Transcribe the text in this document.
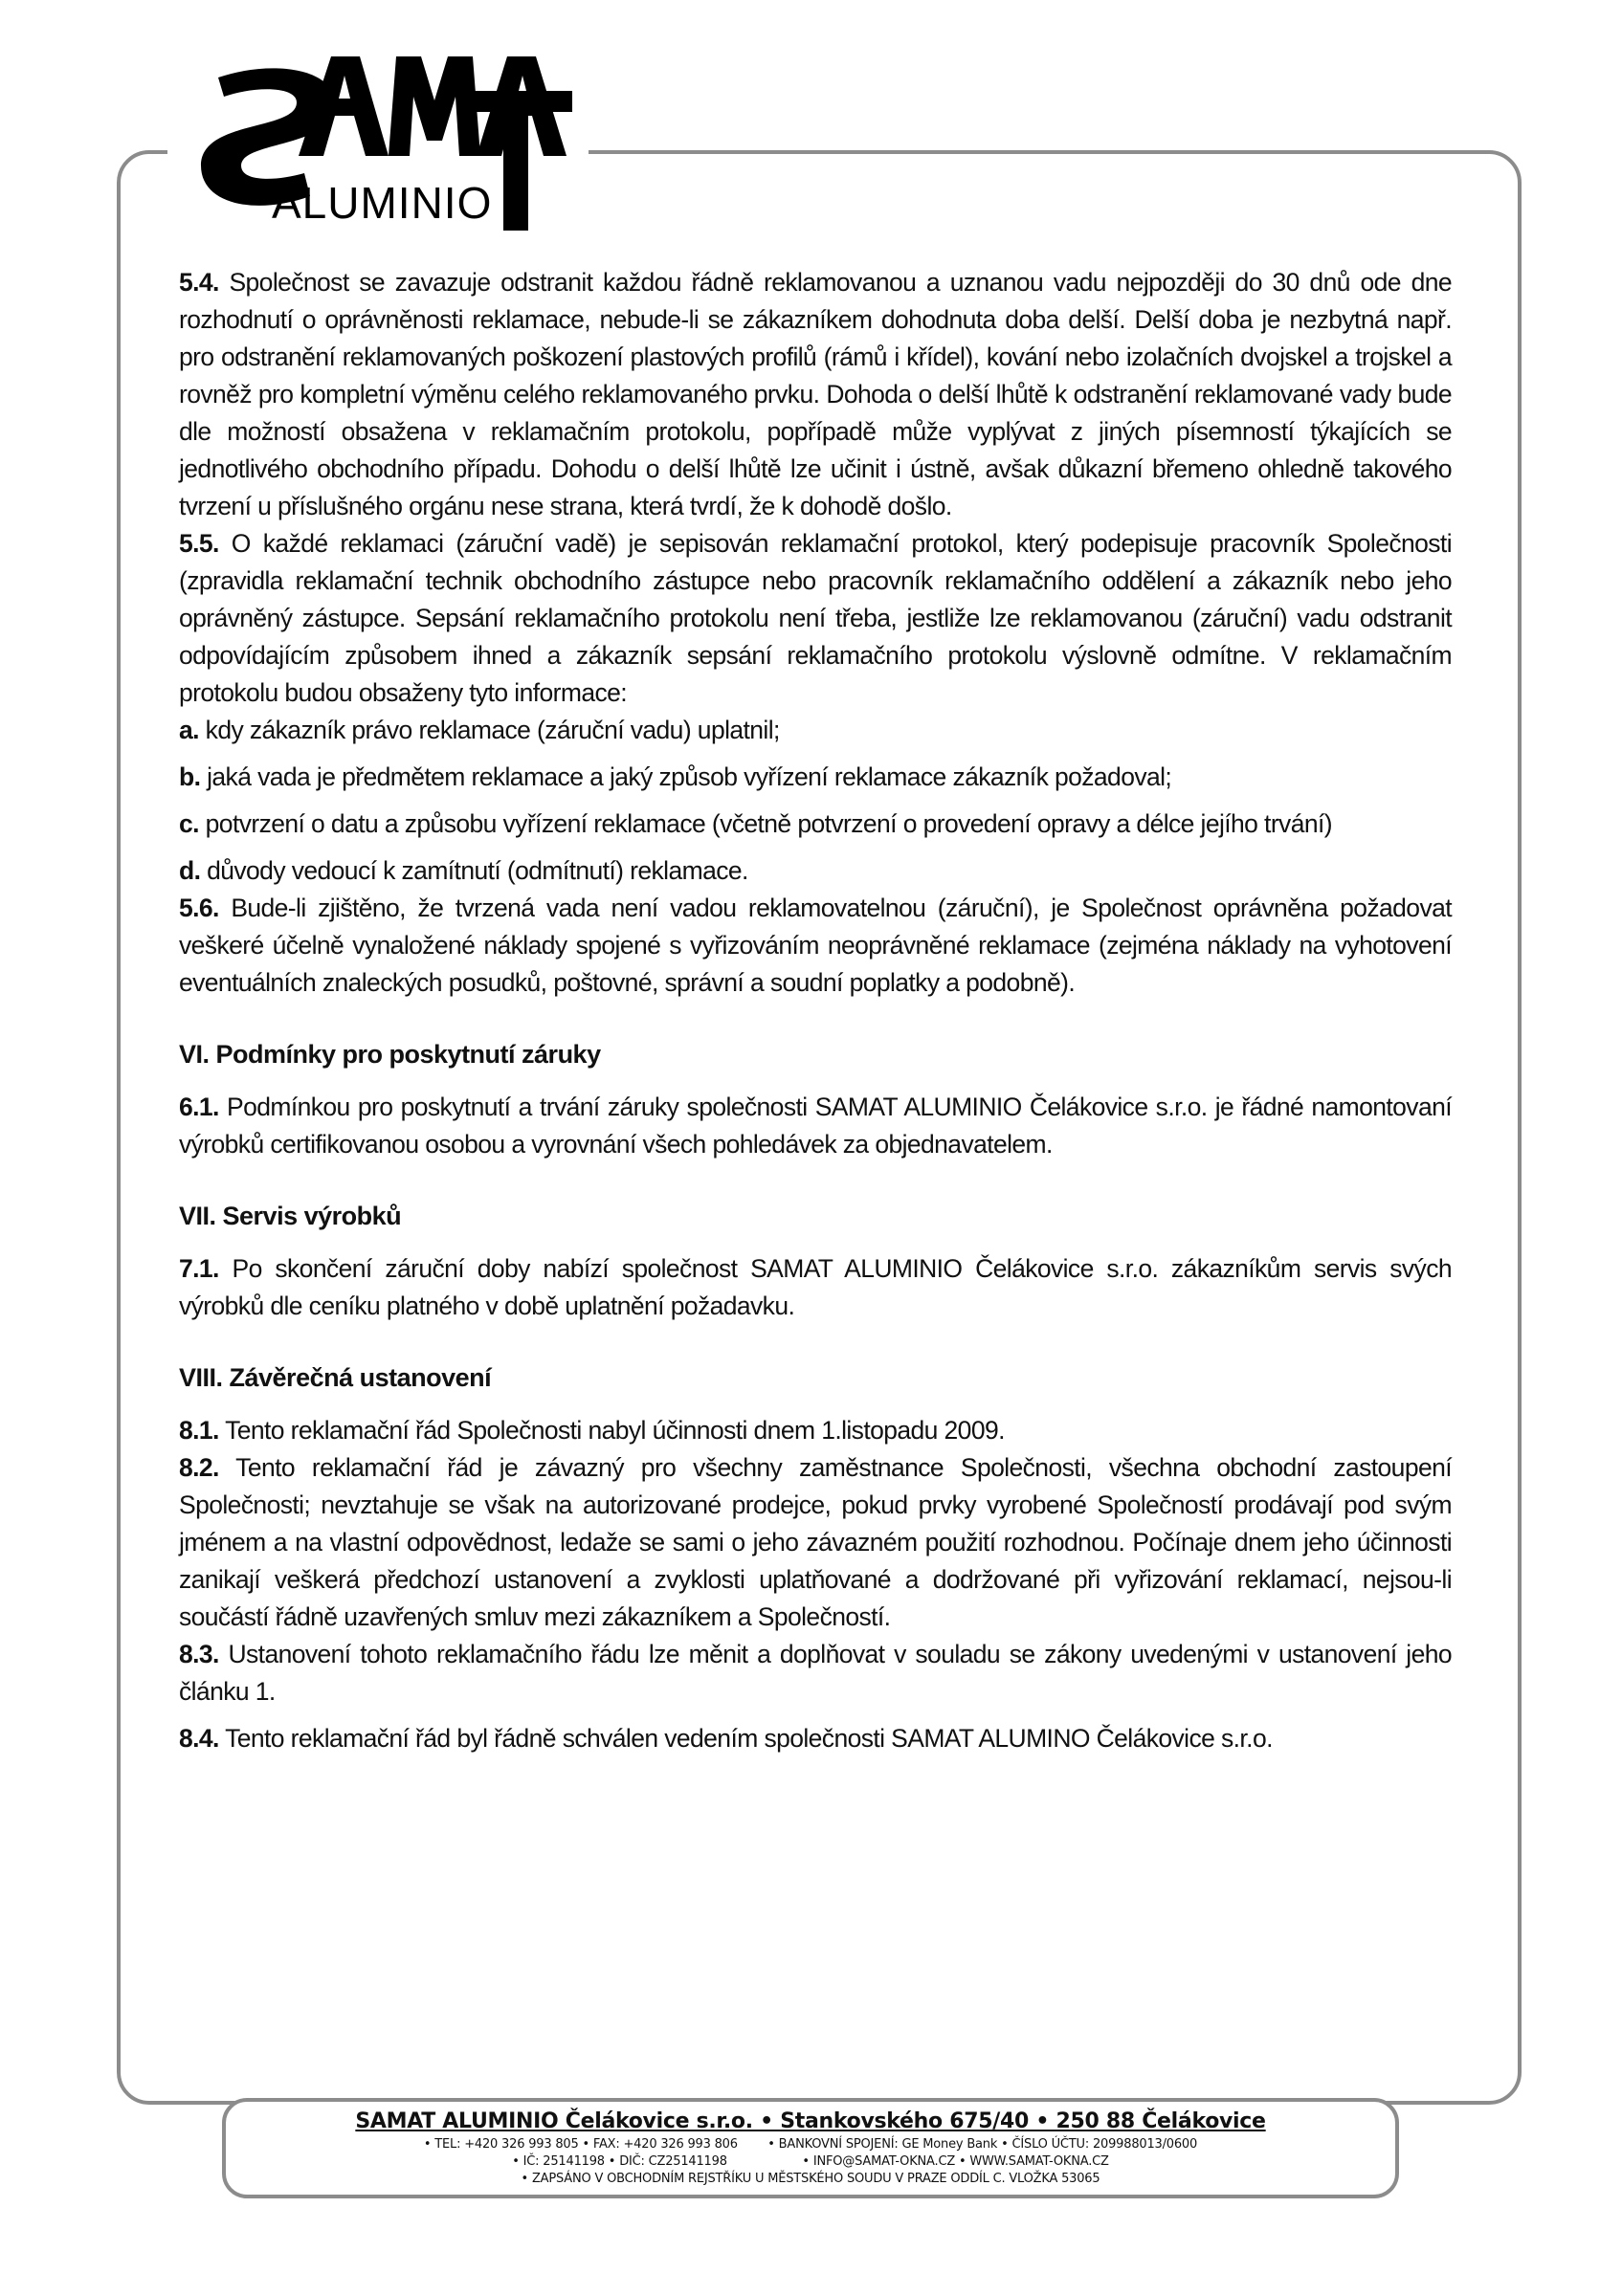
ALUMINIO

5.4. Společnost se zavazuje odstranit každou řádně reklamovanou a uznanou vadu nejpozději do 30 dnů ode dne rozhodnutí o oprávněnosti reklamace, nebude-li se zákazníkem dohodnuta doba delší. Delší doba je nezbytná např. pro odstranění reklamovaných poškození plastových profilů (rámů i křídel), kování nebo izolačních dvojskel a trojskel a rovněž pro kompletní výměnu celého reklamovaného prvku. Dohoda o delší lhůtě k odstranění reklamované vady bude dle možností obsažena v reklamačním protokolu, popřípadě může vyplývat z jiných písemností týkajících se jednotlivého obchodního případu. Dohodu o delší lhůtě lze učinit i ústně, avšak důkazní břemeno ohledně takového tvrzení u příslušného orgánu nese strana, která tvrdí, že k dohodě došlo.

5.5. O každé reklamaci (záruční vadě) je sepisován reklamační protokol, který podepisuje pracovník Společnosti (zpravidla reklamační technik obchodního zástupce nebo pracovník reklamačního oddělení a zákazník nebo jeho oprávněný zástupce. Sepsání reklamačního protokolu není třeba, jestliže lze reklamovanou (záruční) vadu odstranit odpovídajícím způsobem ihned a zákazník sepsání reklamačního protokolu výslovně odmítne. V reklamačním protokolu budou obsaženy tyto informace:

a. kdy zákazník právo reklamace (záruční vadu) uplatnil;

b. jaká vada je předmětem reklamace a jaký způsob vyřízení reklamace zákazník požadoval;

c. potvrzení o datu a způsobu vyřízení reklamace (včetně potvrzení o provedení opravy a délce jejího trvání)

d. důvody vedoucí k zamítnutí (odmítnutí) reklamace.

5.6. Bude-li zjištěno, že tvrzená vada není vadou reklamovatelnou (záruční), je Společnost oprávněna požadovat veškeré účelně vynaložené náklady spojené s vyřizováním neoprávněné reklamace (zejména náklady na vyhotovení eventuálních znaleckých posudků, poštovné, správní a soudní poplatky a podobně).

VI. Podmínky pro poskytnutí záruky

6.1. Podmínkou pro poskytnutí a trvání záruky společnosti SAMAT ALUMINIO Čelákovice s.r.o. je řádné namontovaní výrobků certifikovanou osobou a vyrovnání všech pohledávek za objednavatelem.

VII. Servis výrobků

7.1. Po skončení záruční doby nabízí společnost SAMAT ALUMINIO Čelákovice s.r.o. zákazníkům servis svých výrobků dle ceníku platného v době uplatnění požadavku.

VIII. Závěrečná ustanovení

8.1. Tento reklamační řád Společnosti nabyl účinnosti dnem 1.listopadu 2009.

8.2. Tento reklamační řád je závazný pro všechny zaměstnance Společnosti, všechna obchodní zastoupení Společnosti; nevztahuje se však na autorizované prodejce, pokud prvky vyrobené Společností prodávají pod svým jménem a na vlastní odpovědnost, ledaže se sami o jeho závazném použití rozhodnou. Počínaje dnem jeho účinnosti zanikají veškerá předchozí ustanovení a zvyklosti uplatňované a dodržované při vyřizování reklamací, nejsou-li součástí řádně uzavřených smluv mezi zákazníkem a Společností.

8.3. Ustanovení tohoto reklamačního řádu lze měnit a doplňovat v souladu se zákony uvedenými v ustanovení jeho článku 1.

8.4. Tento reklamační řád byl řádně schválen vedením společnosti SAMAT ALUMINO Čelákovice s.r.o.

SAMAT ALUMINIO Čelákovice s.r.o. • Stankovského 675/40 • 250 88 Čelákovice
• TEL: +420 326 993 805 • FAX: +420 326 993 806        • BANKOVNÍ SPOJENÍ: GE Money Bank • ČÍSLO ÚČTU: 209988013/0600
• IČ: 25141198 • DIČ: CZ25141198                    • INFO@SAMAT-OKNA.CZ • WWW.SAMAT-OKNA.CZ
• ZAPSÁNO V OBCHODNÍM REJSTŘÍKU U MĚSTSKÉHO SOUDU V PRAZE ODDÍL C. VLOŽKA 53065
